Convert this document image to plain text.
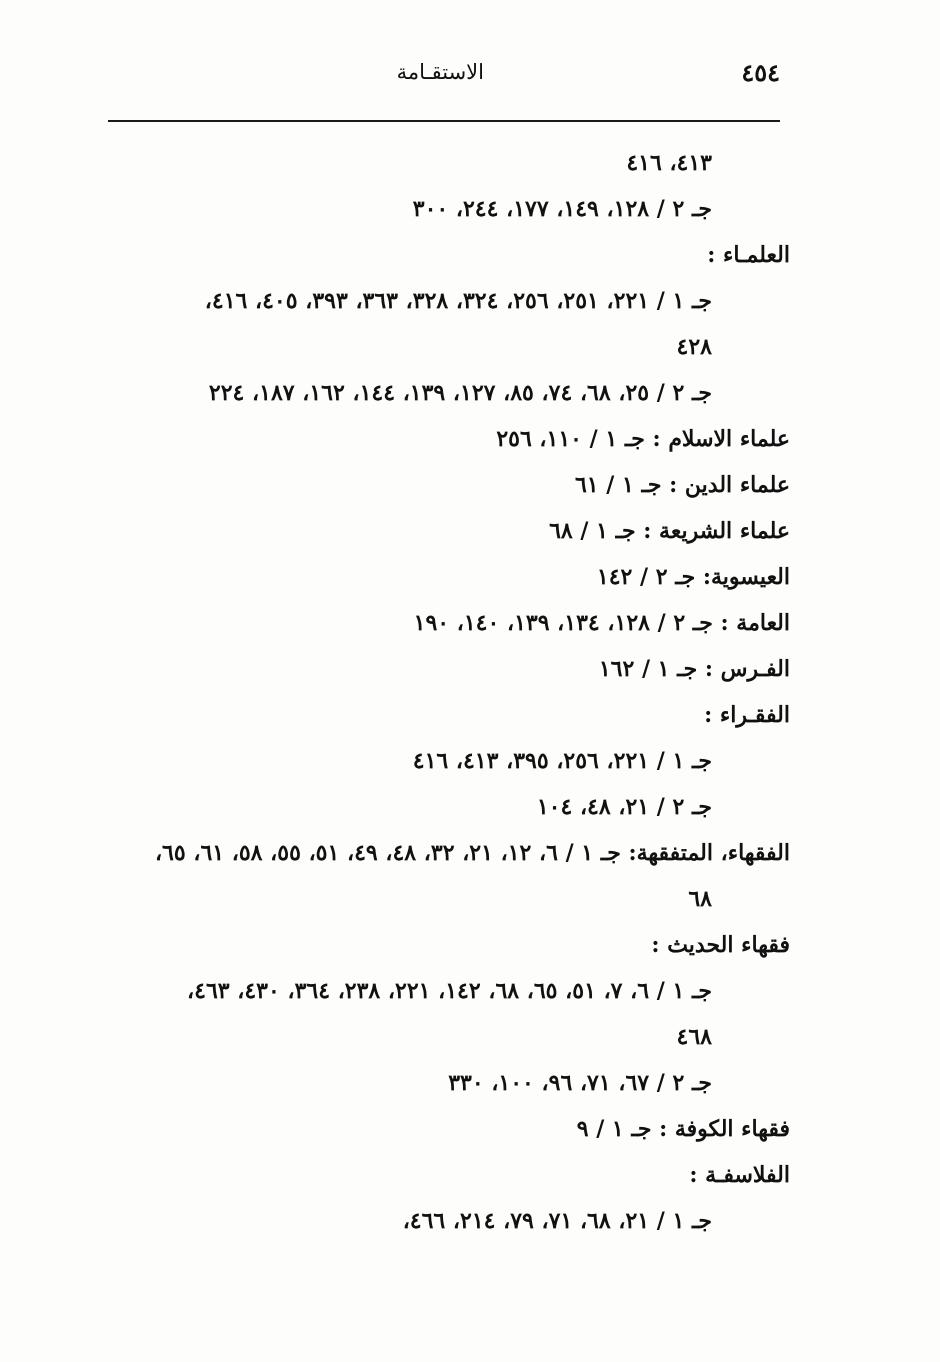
٤٥٤
الاستقـامة
٤١٣، ٤١٦
جـ ٢ / ١٢٨، ١٤٩، ١٧٧، ٢٤٤، ٣٠٠
العلمـاء :
جـ ١ / ٢٢١، ٢٥١، ٢٥٦، ٣٢٤، ٣٢٨، ٣٦٣، ٣٩٣، ٤٠٥، ٤١٦،
٤٢٨
جـ ٢ / ٢٥، ٦٨، ٧٤، ٨٥، ١٢٧، ١٣٩، ١٤٤، ١٦٢، ١٨٧، ٢٢٤
علماء الاسلام : جـ ١ / ١١٠، ٢٥٦
علماء الدين : جـ ١ / ٦١
علماء الشريعة : جـ ١ / ٦٨
العيسوية: جـ ٢ / ١٤٢
العامة : جـ ٢ / ١٢٨، ١٣٤، ١٣٩، ١٤٠، ١٩٠
الفـرس : جـ ١ / ١٦٢
الفقـراء :
جـ ١ / ٢٢١، ٢٥٦، ٣٩٥، ٤١٣، ٤١٦
جـ ٢ / ٢١، ٤٨، ١٠٤
الفقهاء، المتفقهة: جـ ١ / ٦، ١٢، ٢١، ٣٢، ٤٨، ٤٩، ٥١، ٥٥، ٥٨، ٦١، ٦٥،
٦٨
فقهاء الحديث :
جـ ١ / ٦، ٧، ٥١، ٦٥، ٦٨، ١٤٢، ٢٢١، ٢٣٨، ٣٦٤، ٤٣٠، ٤٦٣،
٤٦٨
جـ ٢ / ٦٧، ٧١، ٩٦، ١٠٠، ٣٣٠
فقهاء الكوفة : جـ ١ / ٩
الفلاسفـة :
جـ ١ / ٢١، ٦٨، ٧١، ٧٩، ٢١٤، ٤٦٦،
